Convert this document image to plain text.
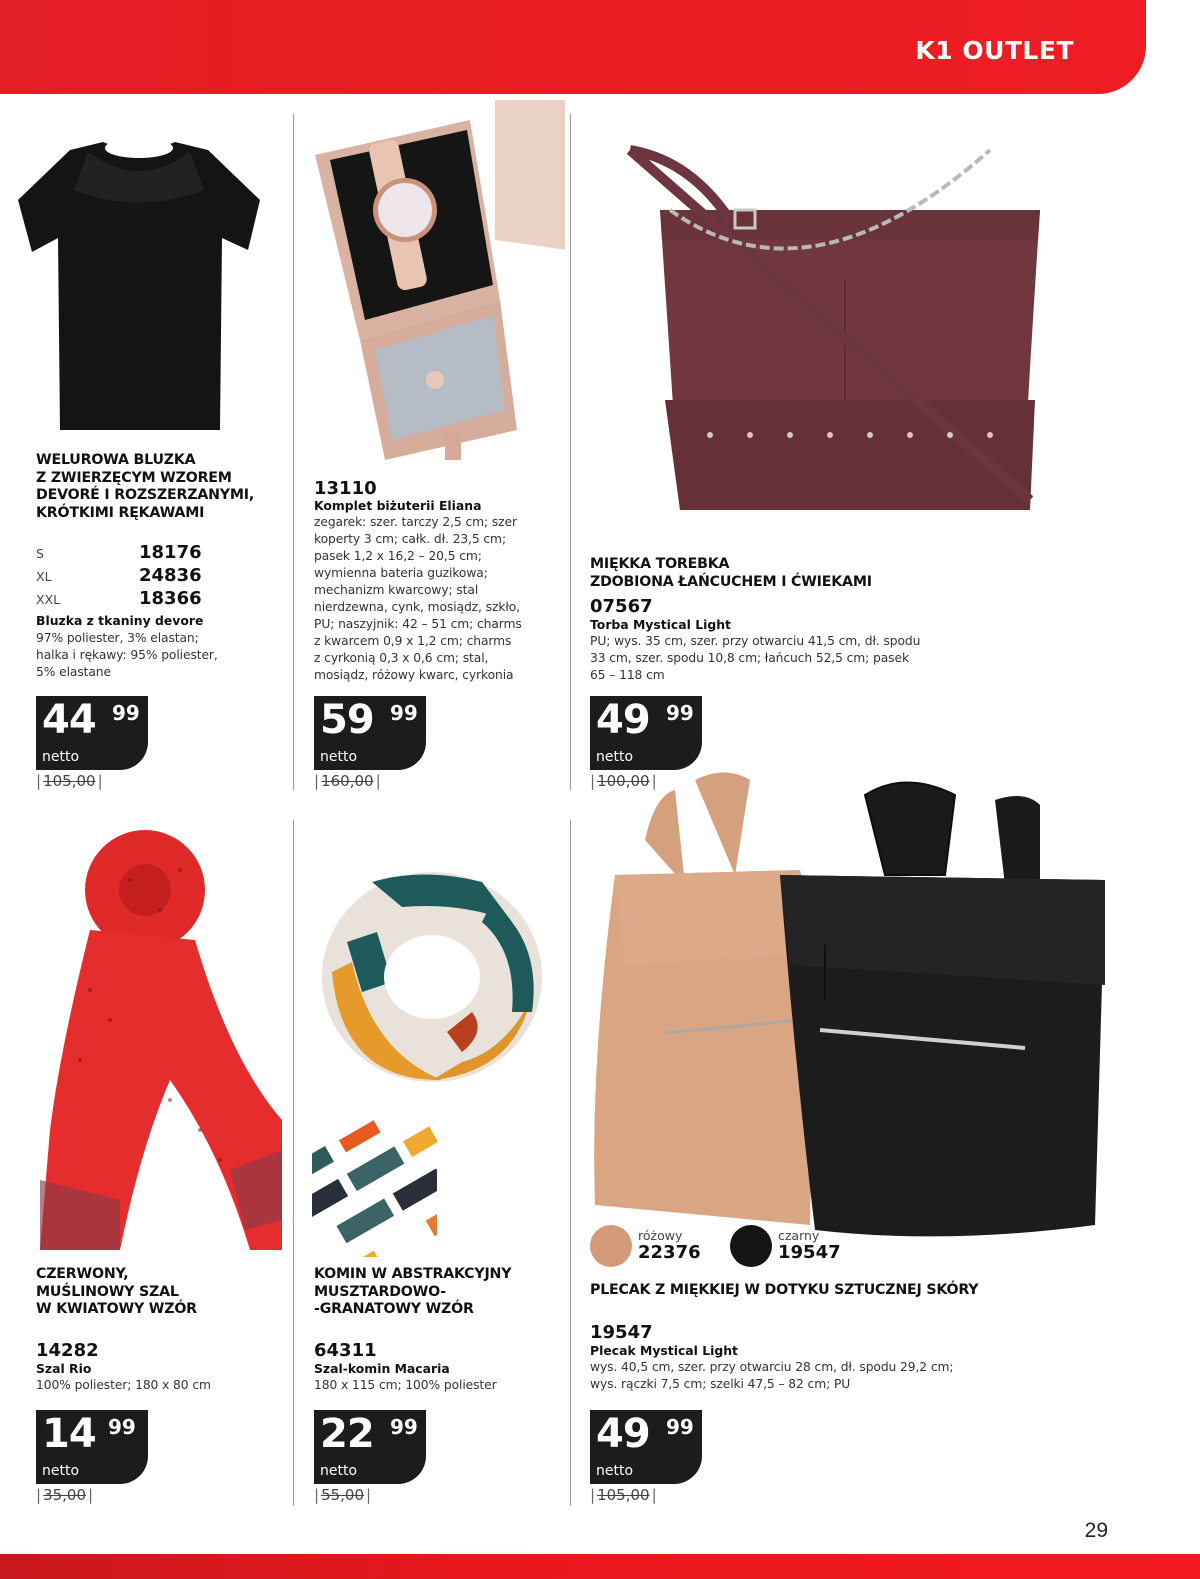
K1 OUTLET
WELUROWA BLUZKA
Z ZWIERZĘCYM WZOREM
DEVORÉ I ROZSZERZANYMI,
KRÓTKIMI RĘKAWAMI
S	18176
XL	24836
XXL	18366
Bluzka z tkaniny devore
97% poliester, 3% elastan;
halka i rękawy: 95% poliester,
5% elastane
44 99
netto
| 105,00 |
13110
Komplet biżuterii Eliana
zegarek: szer. tarczy 2,5 cm; szer
koperty 3 cm; całk. dł. 23,5 cm;
pasek 1,2 x 16,2 – 20,5 cm;
wymienna bateria guzikowa;
mechanizm kwarcowy; stal
nierdzewna, cynk, mosiądz, szkło,
PU; naszyjnik: 42 – 51 cm; charms
z kwarcem 0,9 x 1,2 cm; charms
z cyrkonią 0,3 x 0,6 cm; stal,
mosiądz, różowy kwarc, cyrkonia
59 99
netto
| 160,00 |
MIĘKKA TOREBKA
ZDOBIONA ŁAŃCUCHEM I ĆWIEKAMI
07567
Torba Mystical Light
PU; wys. 35 cm, szer. przy otwarciu 41,5 cm, dł. spodu
33 cm, szer. spodu 10,8 cm; łańcuch 52,5 cm; pasek
65 – 118 cm
49 99
netto
| 100,00 |
CZERWONY,
MUŚLINOWY SZAL
W KWIATOWY WZÓR
14282
Szal Rio
100% poliester; 180 x 80 cm
14 99
netto
| 35,00 |
KOMIN W ABSTRAKCYJNY
MUSZTARDOWO-
-GRANATOWY WZÓR
64311
Szal-komin Macaria
180 x 115 cm; 100% poliester
22 99
netto
| 55,00 |
różowy
22376
czarny
19547
PLECAK Z MIĘKKIEJ W DOTYKU SZTUCZNEJ SKÓRY
19547
Plecak Mystical Light
wys. 40,5 cm, szer. przy otwarciu 28 cm, dł. spodu 29,2 cm;
wys. rączki 7,5 cm; szelki 47,5 – 82 cm; PU
49 99
netto
| 105,00 |
29
